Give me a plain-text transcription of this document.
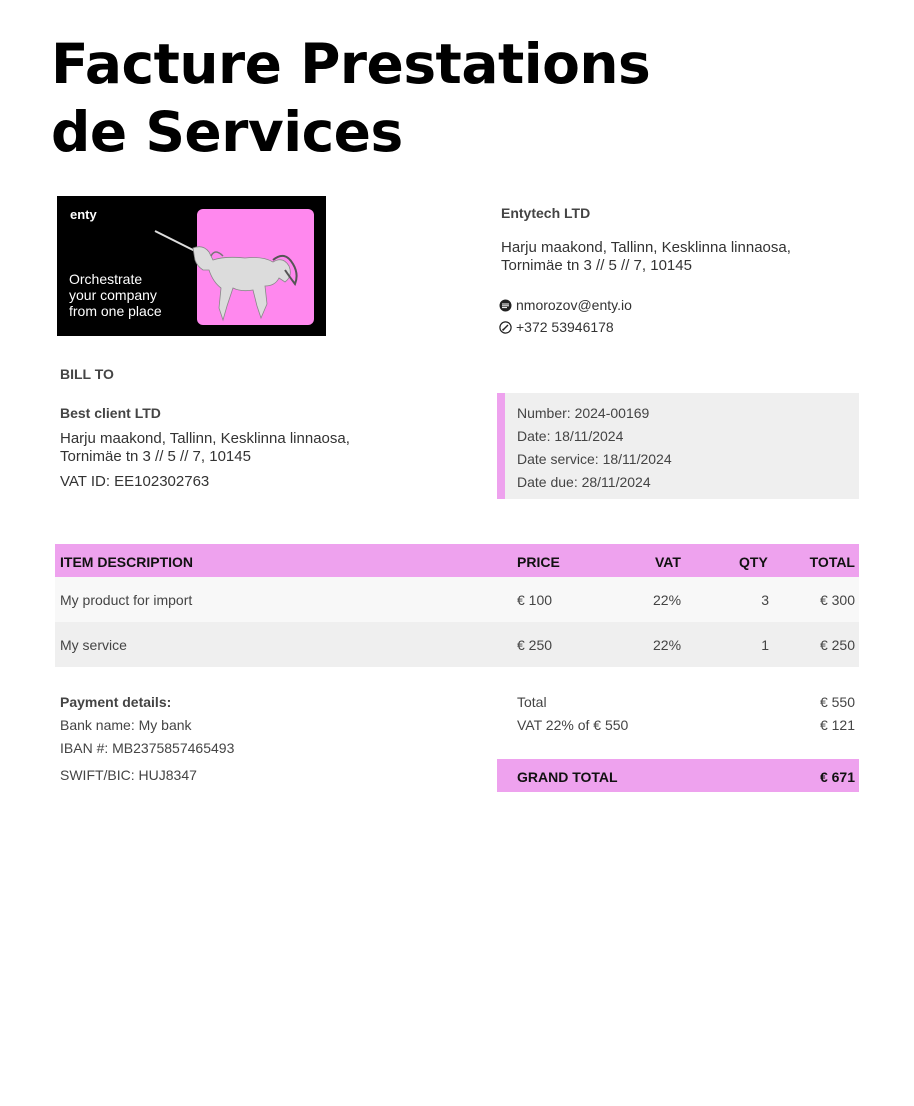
Facture Prestations
de Services
enty
Orchestrate
your company
from one place
Entytech LTD
Harju maakond, Tallinn, Kesklinna linnaosa,
Tornimäe tn 3 // 5 // 7, 10145
nmorozov@enty.io
+372 53946178
BILL TO
Best client LTD
Harju maakond, Tallinn, Kesklinna linnaosa,
Tornimäe tn 3 // 5 // 7, 10145
VAT ID: EE102302763
Number: 2024-00169
Date: 18/11/2024
Date service: 18/11/2024
Date due: 28/11/2024
ITEM DESCRIPTION	PRICE	VAT	QTY	TOTAL
My product for import	€ 100	22%	3	€ 300
My service	€ 250	22%	1	€ 250
Payment details:
Bank name: My bank
IBAN #: MB2375857465493
SWIFT/BIC: HUJ8347
Total	€ 550
VAT 22% of € 550	€ 121
GRAND TOTAL	€ 671
